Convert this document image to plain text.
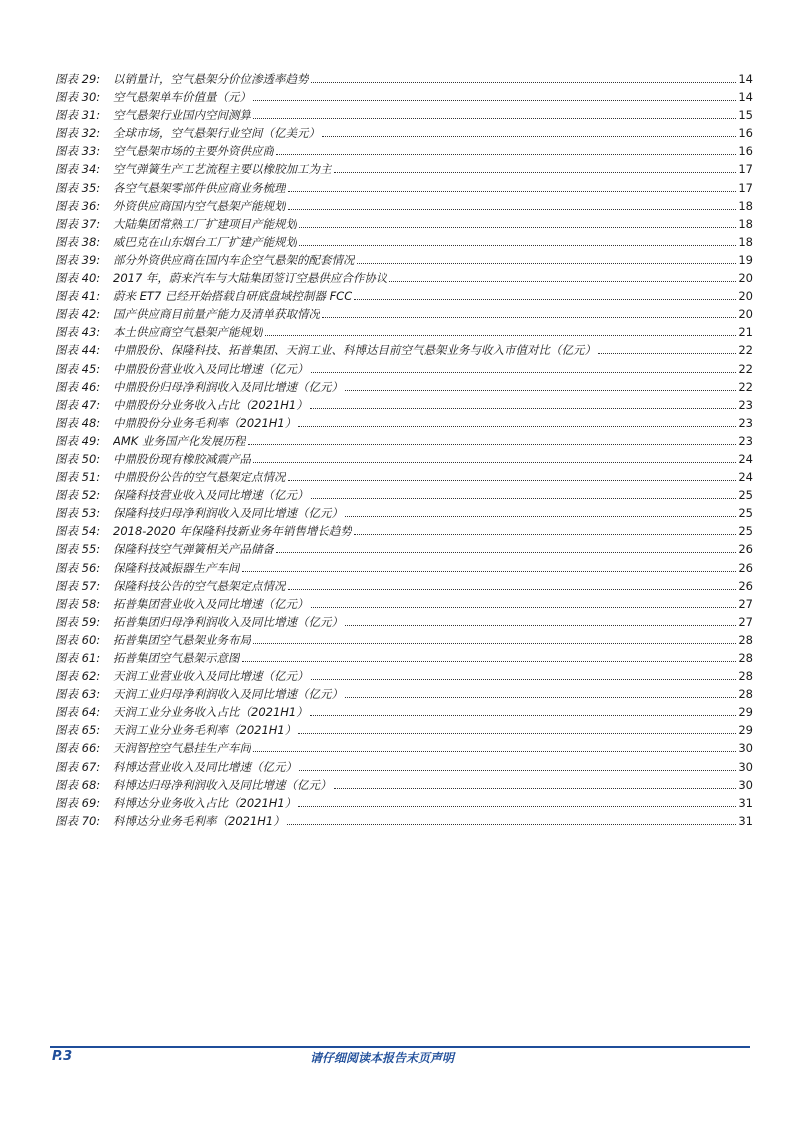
图表 29:	以销量计，空气悬架分价位渗透率趋势	14
图表 30:	空气悬架单车价值量（元）	14
图表 31:	空气悬架行业国内空间测算	15
图表 32:	全球市场，空气悬架行业空间（亿美元）	16
图表 33:	空气悬架市场的主要外资供应商	16
图表 34:	空气弹簧生产工艺流程主要以橡胶加工为主	17
图表 35:	各空气悬架零部件供应商业务梳理	17
图表 36:	外资供应商国内空气悬架产能规划	18
图表 37:	大陆集团常熟工厂扩建项目产能规划	18
图表 38:	威巴克在山东烟台工厂扩建产能规划	18
图表 39:	部分外资供应商在国内车企空气悬架的配套情况	19
图表 40:	2017 年，蔚来汽车与大陆集团签订空悬供应合作协议	20
图表 41:	蔚来 ET7 已经开始搭载自研底盘域控制器 FCC	20
图表 42:	国产供应商目前量产能力及清单获取情况	20
图表 43:	本土供应商空气悬架产能规划	21
图表 44:	中鼎股份、保隆科技、拓普集团、天润工业、科博达目前空气悬架业务与收入市值对比（亿元）	22
图表 45:	中鼎股份营业收入及同比增速（亿元）	22
图表 46:	中鼎股份归母净利润收入及同比增速（亿元）	22
图表 47:	中鼎股份分业务收入占比（2021H1）	23
图表 48:	中鼎股份分业务毛利率（2021H1）	23
图表 49:	AMK 业务国产化发展历程	23
图表 50:	中鼎股份现有橡胶减震产品	24
图表 51:	中鼎股份公告的空气悬架定点情况	24
图表 52:	保隆科技营业收入及同比增速（亿元）	25
图表 53:	保隆科技归母净利润收入及同比增速（亿元）	25
图表 54:	2018-2020 年保隆科技新业务年销售增长趋势	25
图表 55:	保隆科技空气弹簧相关产品储备	26
图表 56:	保隆科技减振器生产车间	26
图表 57:	保隆科技公告的空气悬架定点情况	26
图表 58:	拓普集团营业收入及同比增速（亿元）	27
图表 59:	拓普集团归母净利润收入及同比增速（亿元）	27
图表 60:	拓普集团空气悬架业务布局	28
图表 61:	拓普集团空气悬架示意图	28
图表 62:	天润工业营业收入及同比增速（亿元）	28
图表 63:	天润工业归母净利润收入及同比增速（亿元）	28
图表 64:	天润工业分业务收入占比（2021H1）	29
图表 65:	天润工业分业务毛利率（2021H1）	29
图表 66:	天润智控空气悬挂生产车间	30
图表 67:	科博达营业收入及同比增速（亿元）	30
图表 68:	科博达归母净利润收入及同比增速（亿元）	30
图表 69:	科博达分业务收入占比（2021H1）	31
图表 70:	科博达分业务毛利率（2021H1）	31
P.3	请仔细阅读本报告末页声明
